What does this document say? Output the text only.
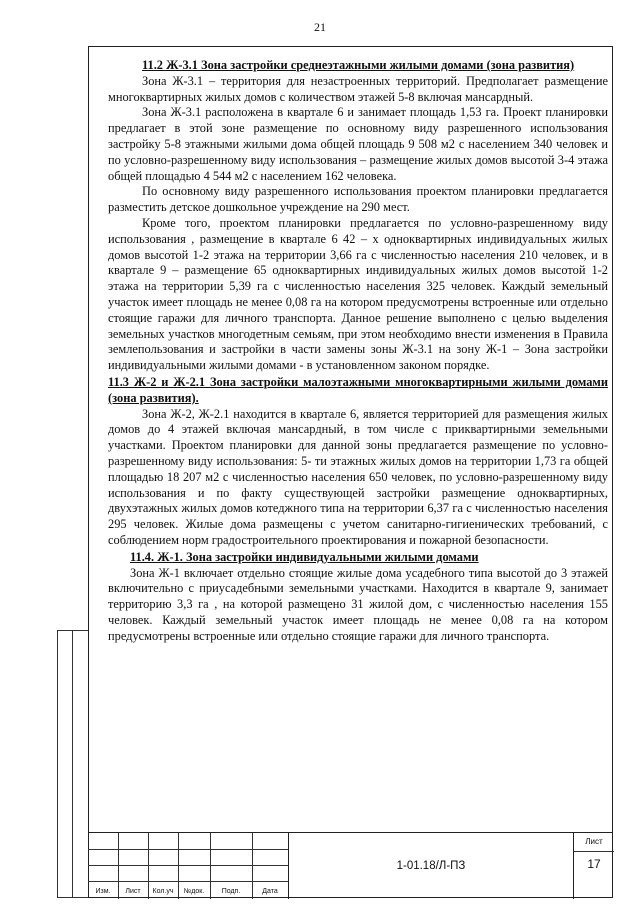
21
11.2 Ж-3.1 Зона застройки среднеэтажными жилыми домами (зона развития)

Зона Ж-3.1 – территория для незастроенных территорий. Предполагает размещение многоквартирных жилых домов с количеством этажей 5-8 включая мансардный.

Зона Ж-3.1 расположена в квартале 6 и занимает площадь 1,53 га. Проект планировки предлагает в этой зоне размещение по основному виду разрешенного использования застройку 5-8 этажными жилыми дома общей площадь 9 508 м2 с населением 340 человек и по условно-разрешенному виду использования – размещение жилых домов высотой 3-4 этажа общей площадью 4 544 м2 с населением 162 человека.

По основному виду разрешенного использования проектом планировки предлагается разместить детское дошкольное учреждение на 290 мест.

Кроме того, проектом планировки предлагается по условно-разрешенному виду использования , размещение в квартале 6 42 – х одноквартирных индивидуальных жилых домов высотой 1-2 этажа на территории 3,66 га с численностью населения 210 человек, и в квартале 9 – размещение 65 одноквартирных индивидуальных жилых домов высотой 1-2 этажа на территории 5,39 га с численностью населения 325 человек. Каждый земельный участок имеет площадь не менее 0,08 га на котором предусмотрены встроенные или отдельно стоящие гаражи для личного транспорта. Данное решение выполнено с целью выделения земельных участков многодетным семьям, при этом необходимо внести изменения в Правила землепользования и застройки в части замены зоны Ж-3.1 на зону Ж-1 – Зона застройки индивидуальными жилыми домами - в установленном законом порядке.

11.3 Ж-2 и Ж-2.1 Зона застройки малоэтажными многоквартирными жилыми домами (зона развития).

Зона Ж-2, Ж-2.1 находится в квартале 6, является территорией для размещения жилых домов до 4 этажей включая мансардный, в том числе с приквартирными земельными участками. Проектом планировки для данной зоны предлагается размещение по условно-разрешенному виду использования: 5- ти этажных жилых домов на территории 1,73 га общей площадью 18 207 м2 с численностью населения 650 человек, по условно-разрешенному виду использования и по факту существующей застройки размещение одноквартирных, двухэтажных жилых домов котеджного типа на территории 6,37 га с численностью населения 295 человек. Жилые дома размещены с учетом санитарно-гигиенических требований, с соблюдением норм градостроительного проектирования и пожарной безопасности.

11.4. Ж-1. Зона застройки индивидуальными жилыми домами

Зона Ж-1 включает отдельно стоящие жилые дома усадебного типа высотой до 3 этажей включительно с приусадебными земельными участками. Находится в квартале 9, занимает территорию 3,3 га , на которой размещено 31 жилой дом, с численностью населения 155 человек. Каждый земельный участок имеет площадь не менее 0,08 га на котором предусмотрены встроенные или отдельно стоящие гаражи для личного транспорта.

Изм.	Лист	Кол.уч	№док.	Подп.	Дата
1-01.18/Л-ПЗ
Лист
17
